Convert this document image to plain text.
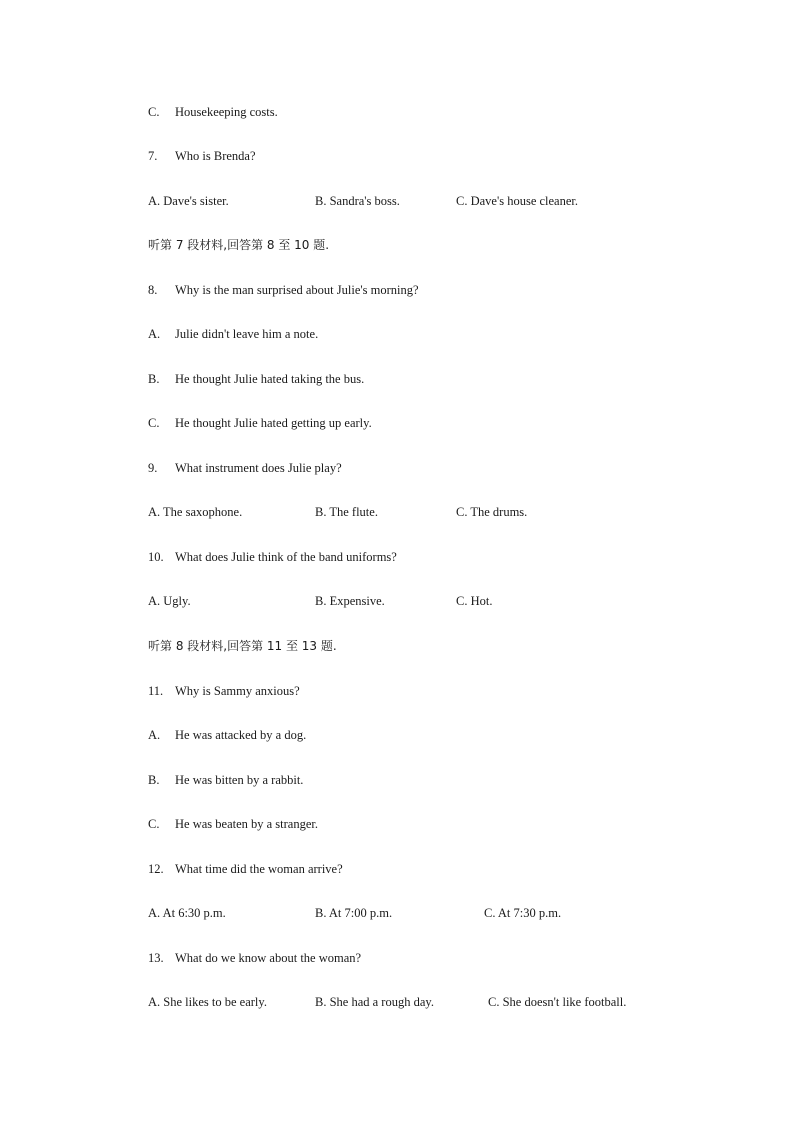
C. Housekeeping costs.
7. Who is Brenda?
A. Dave's sister.	B. Sandra's boss.	C. Dave's house cleaner.
听第 7 段材料,回答第 8 至 10 题.
8. Why is the man surprised about Julie's morning?
A. Julie didn't leave him a note.
B. He thought Julie hated taking the bus.
C. He thought Julie hated getting up early.
9. What instrument does Julie play?
A. The saxophone.	B. The flute.	C. The drums.
10. What does Julie think of the band uniforms?
A. Ugly.	B. Expensive.	C. Hot.
听第 8 段材料,回答第 11 至 13 题.
11. Why is Sammy anxious?
A. He was attacked by a dog.
B. He was bitten by a rabbit.
C. He was beaten by a stranger.
12. What time did the woman arrive?
A. At 6:30 p.m.	B. At 7:00 p.m.	C. At 7:30 p.m.
13. What do we know about the woman?
A. She likes to be early.	B. She had a rough day.	C. She doesn't like football.
